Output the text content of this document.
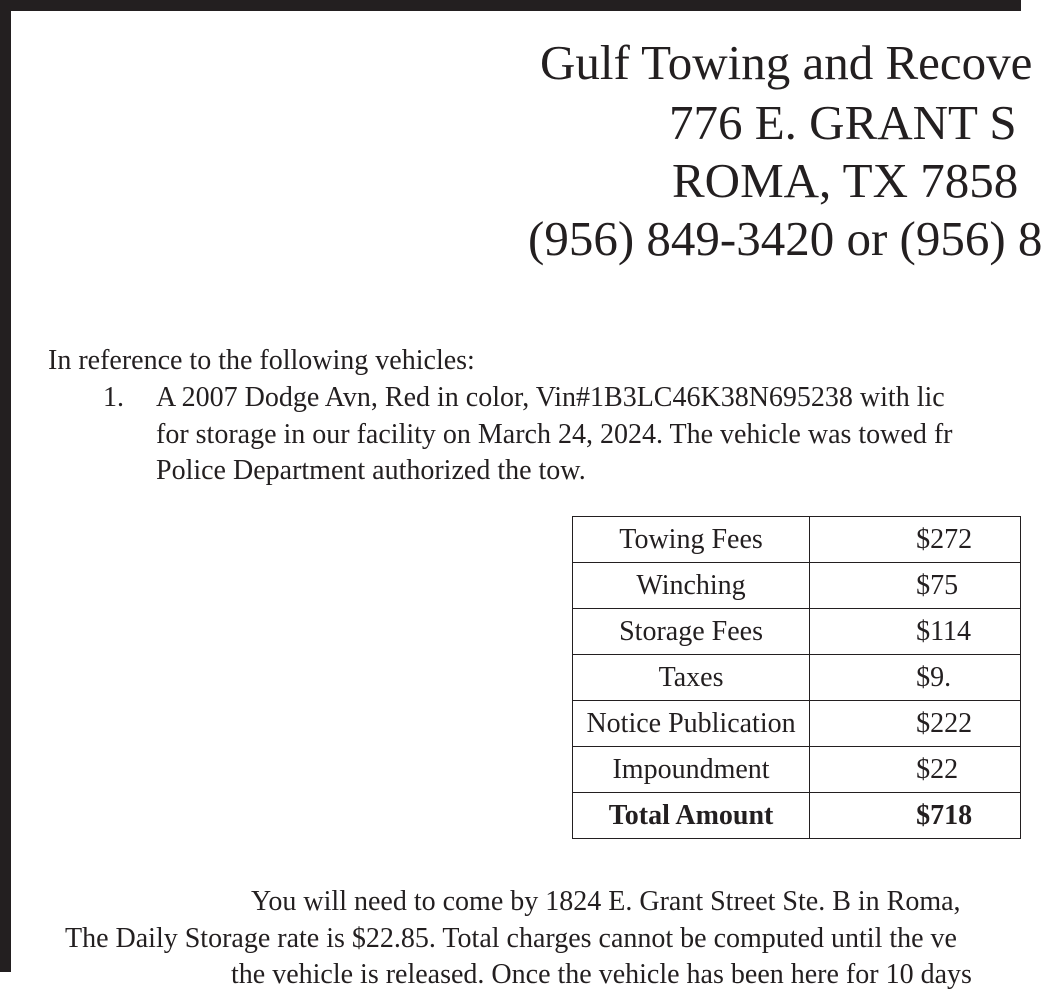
Gulf Towing and Recove
776 E. GRANT S
ROMA, TX 7858
(956) 849-3420 or (956) 8
In reference to the following vehicles:
1. A 2007 Dodge Avn, Red in color, Vin#1B3LC46K38N695238 with lic
for storage in our facility on March 24, 2024. The vehicle was towed fr
Police Department authorized the tow.
Towing Fees	$272
Winching	$75
Storage Fees	$114
Taxes	$9.
Notice Publication	$222
Impoundment	$22
Total Amount	$718
You will need to come by 1824 E. Grant Street Ste. B in Roma,
The Daily Storage rate is $22.85. Total charges cannot be computed until the ve
the vehicle is released. Once the vehicle has been here for 10 days
